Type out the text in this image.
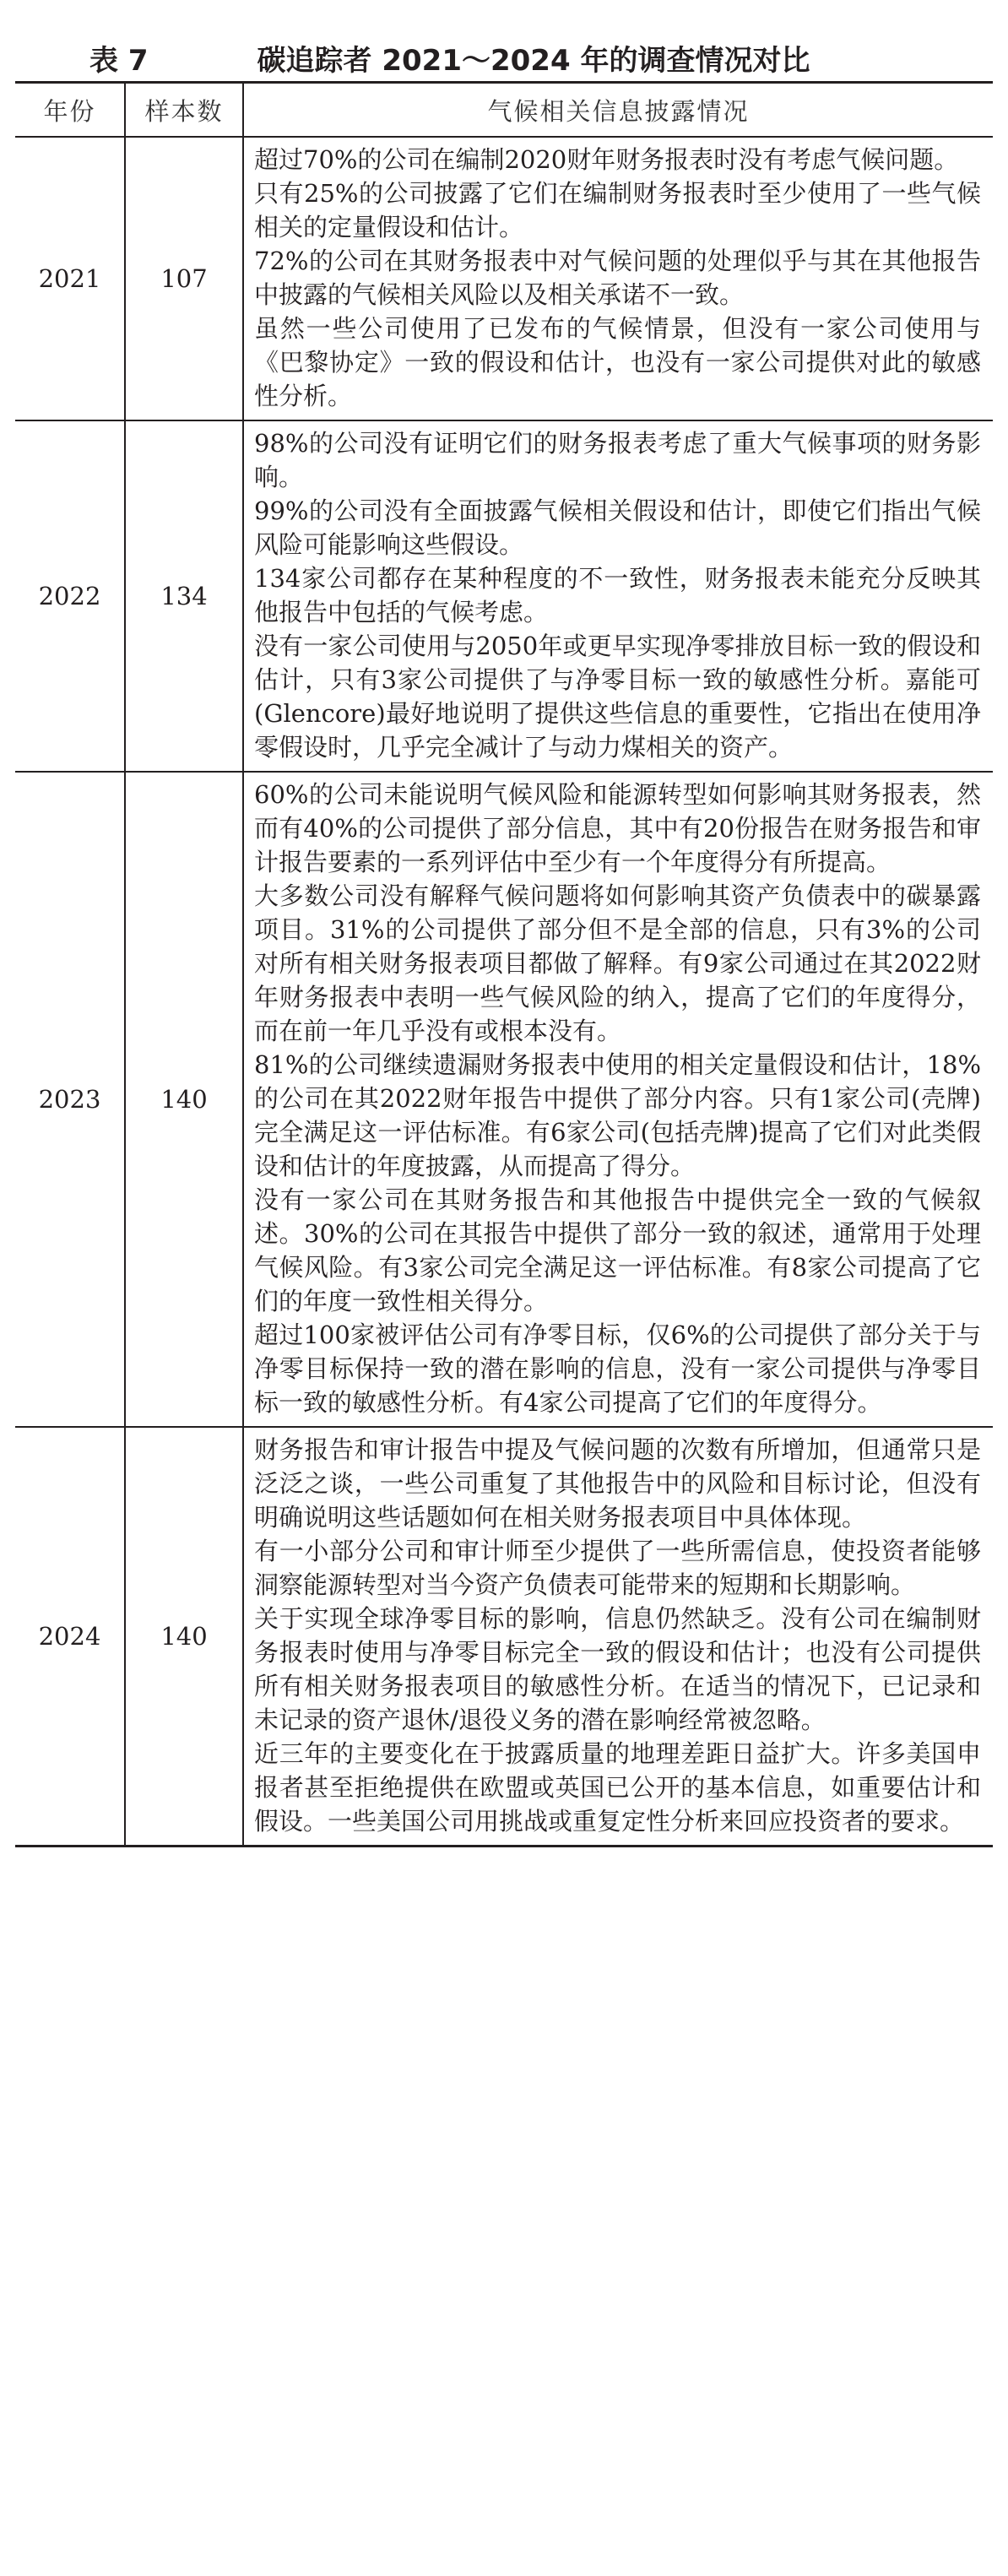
表 7	碳追踪者 2021～2024 年的调查情况对比
年份	样本数	气候相关信息披露情况
2021	107	超过70%的公司在编制2020财年财务报表时没有考虑气候问题。

只有25%的公司披露了它们在编制财务报表时至少使用了一些气候相关的定量假设和估计。

72%的公司在其财务报表中对气候问题的处理似乎与其在其他报告中披露的气候相关风险以及相关承诺不一致。

虽然一些公司使用了已发布的气候情景，但没有一家公司使用与《巴黎协定》一致的假设和估计，也没有一家公司提供对此的敏感性分析。

2022	134	98%的公司没有证明它们的财务报表考虑了重大气候事项的财务影响。

99%的公司没有全面披露气候相关假设和估计，即使它们指出气候风险可能影响这些假设。

134家公司都存在某种程度的不一致性，财务报表未能充分反映其他报告中包括的气候考虑。

没有一家公司使用与2050年或更早实现净零排放目标一致的假设和估计，只有3家公司提供了与净零目标一致的敏感性分析。嘉能可(Glencore)最好地说明了提供这些信息的重要性，它指出在使用净零假设时，几乎完全减计了与动力煤相关的资产。

2023	140	60%的公司未能说明气候风险和能源转型如何影响其财务报表，然而有40%的公司提供了部分信息，其中有20份报告在财务报告和审计报告要素的一系列评估中至少有一个年度得分有所提高。

大多数公司没有解释气候问题将如何影响其资产负债表中的碳暴露项目。31%的公司提供了部分但不是全部的信息，只有3%的公司对所有相关财务报表项目都做了解释。有9家公司通过在其2022财年财务报表中表明一些气候风险的纳入，提高了它们的年度得分，而在前一年几乎没有或根本没有。

81%的公司继续遗漏财务报表中使用的相关定量假设和估计，18%的公司在其2022财年报告中提供了部分内容。只有1家公司(壳牌)完全满足这一评估标准。有6家公司(包括壳牌)提高了它们对此类假设和估计的年度披露，从而提高了得分。

没有一家公司在其财务报告和其他报告中提供完全一致的气候叙述。30%的公司在其报告中提供了部分一致的叙述，通常用于处理气候风险。有3家公司完全满足这一评估标准。有8家公司提高了它们的年度一致性相关得分。

超过100家被评估公司有净零目标，仅6%的公司提供了部分关于与净零目标保持一致的潜在影响的信息，没有一家公司提供与净零目标一致的敏感性分析。有4家公司提高了它们的年度得分。

2024	140	财务报告和审计报告中提及气候问题的次数有所增加，但通常只是泛泛之谈，一些公司重复了其他报告中的风险和目标讨论，但没有明确说明这些话题如何在相关财务报表项目中具体体现。

有一小部分公司和审计师至少提供了一些所需信息，使投资者能够洞察能源转型对当今资产负债表可能带来的短期和长期影响。

关于实现全球净零目标的影响，信息仍然缺乏。没有公司在编制财务报表时使用与净零目标完全一致的假设和估计；也没有公司提供所有相关财务报表项目的敏感性分析。在适当的情况下，已记录和未记录的资产退休/退役义务的潜在影响经常被忽略。

近三年的主要变化在于披露质量的地理差距日益扩大。许多美国申报者甚至拒绝提供在欧盟或英国已公开的基本信息，如重要估计和假设。一些美国公司用挑战或重复定性分析来回应投资者的要求。
